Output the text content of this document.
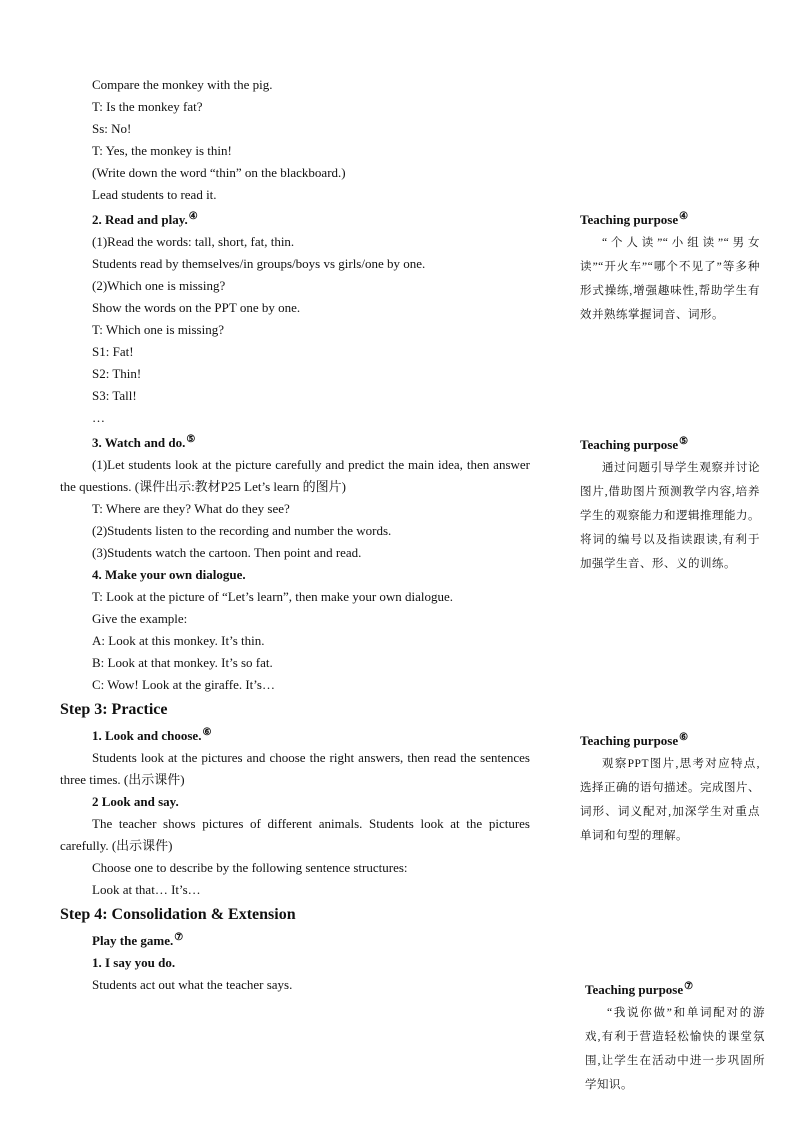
Compare the monkey with the pig.
T: Is the monkey fat?
Ss: No!
T: Yes, the monkey is thin!
(Write down the word “thin” on the blackboard.)
Lead students to read it.
2. Read and play.④
(1)Read the words: tall, short, fat, thin.
Students read by themselves/in groups/boys vs girls/one by one.
(2)Which one is missing?
Show the words on the PPT one by one.
T: Which one is missing?
S1: Fat!
S2: Thin!
S3: Tall!
…
3. Watch and do.⑤
(1)Let students look at the picture carefully and predict the main idea, then answer the questions. (课件出示:教材P25 Let’s learn 的图片)
T: Where are they? What do they see?
(2)Students listen to the recording and number the words.
(3)Students watch the cartoon. Then point and read.
4. Make your own dialogue.
T: Look at the picture of “Let’s learn”, then make your own dialogue.
Give the example:
A: Look at this monkey. It’s thin.
B: Look at that monkey. It’s so fat.
C: Wow! Look at the giraffe. It’s…
Step 3: Practice
1. Look and choose.⑥
Students look at the pictures and choose the right answers, then read the sentences three times. (出示课件)
2 Look and say.
The teacher shows pictures of different animals. Students look at the pictures carefully. (出示课件)
Choose one to describe by the following sentence structures:
Look at that… It’s…
Step 4: Consolidation & Extension
Play the game.⑦
1. I say you do.
Students act out what the teacher says.
Teaching purpose④
“个人读”“小组读”“男女读”“开火车”“哪个不见了”等多种形式操练,增强趣味性,帮助学生有效并熟练掌握词音、词形。
Teaching purpose⑤
通过问题引导学生观察并讨论图片,借助图片预测教学内容,培养学生的观察能力和逻辑推理能力。将词的编号以及指读跟读,有利于加强学生音、形、义的训练。
Teaching purpose⑥
观察PPT图片,思考对应特点,选择正确的语句描述。完成图片、词形、词义配对,加深学生对重点单词和句型的理解。
Teaching purpose⑦
“我说你做”和单词配对的游戏,有利于营造轻松愉快的课堂氛围,让学生在活动中进一步巩固所学知识。
